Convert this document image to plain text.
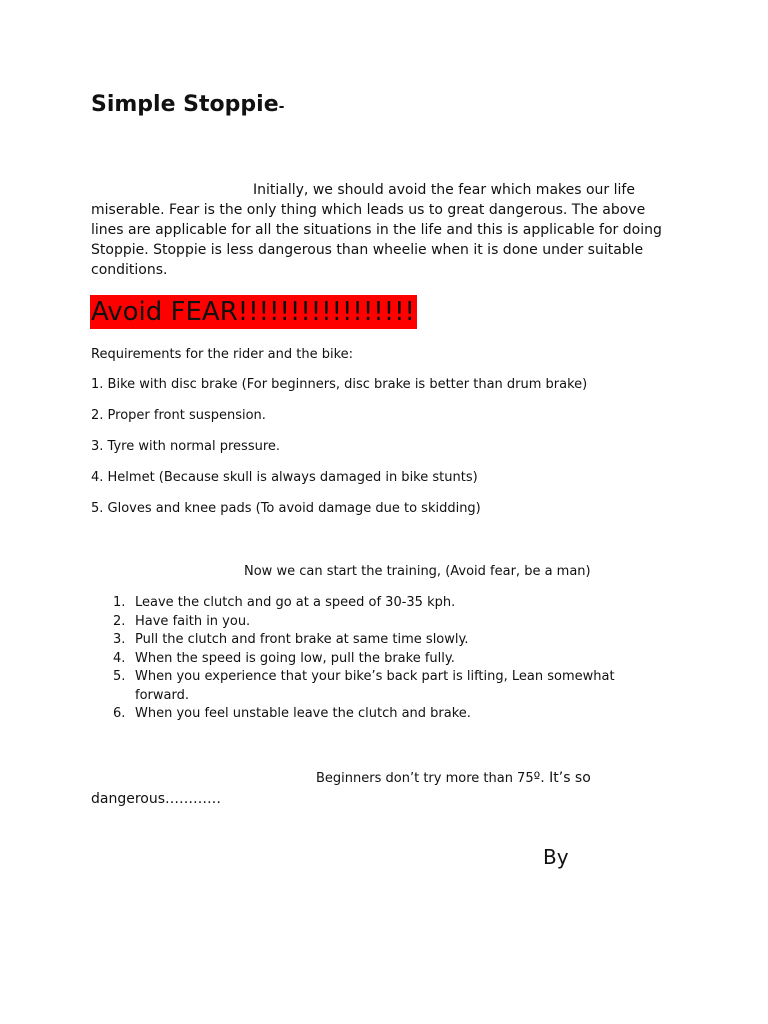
Simple Stoppie-

Initially, we should avoid the fear which makes our life miserable. Fear is the only thing which leads us to great dangerous. The above lines are applicable for all the situations in the life and this is applicable for doing Stoppie. Stoppie is less dangerous than wheelie when it is done under suitable conditions.

Avoid FEAR!!!!!!!!!!!!!!!!!
Requirements for the rider and the bike:
1. Bike with disc brake (For beginners, disc brake is better than drum brake)
2. Proper front suspension.
3. Tyre with normal pressure.
4. Helmet (Because skull is always damaged in bike stunts)
5. Gloves and knee pads (To avoid damage due to skidding)
Now we can start the training, (Avoid fear, be a man)
1. Leave the clutch and go at a speed of 30-35 kph.
2. Have faith in you.
3. Pull the clutch and front brake at same time slowly.
4. When the speed is going low, pull the brake fully.
5. When you experience that your bike’s back part is lifting, Lean somewhat forward.
6. When you feel unstable leave the clutch and brake.

Beginners don’t try more than 75º. It’s so
dangerous…………

By
